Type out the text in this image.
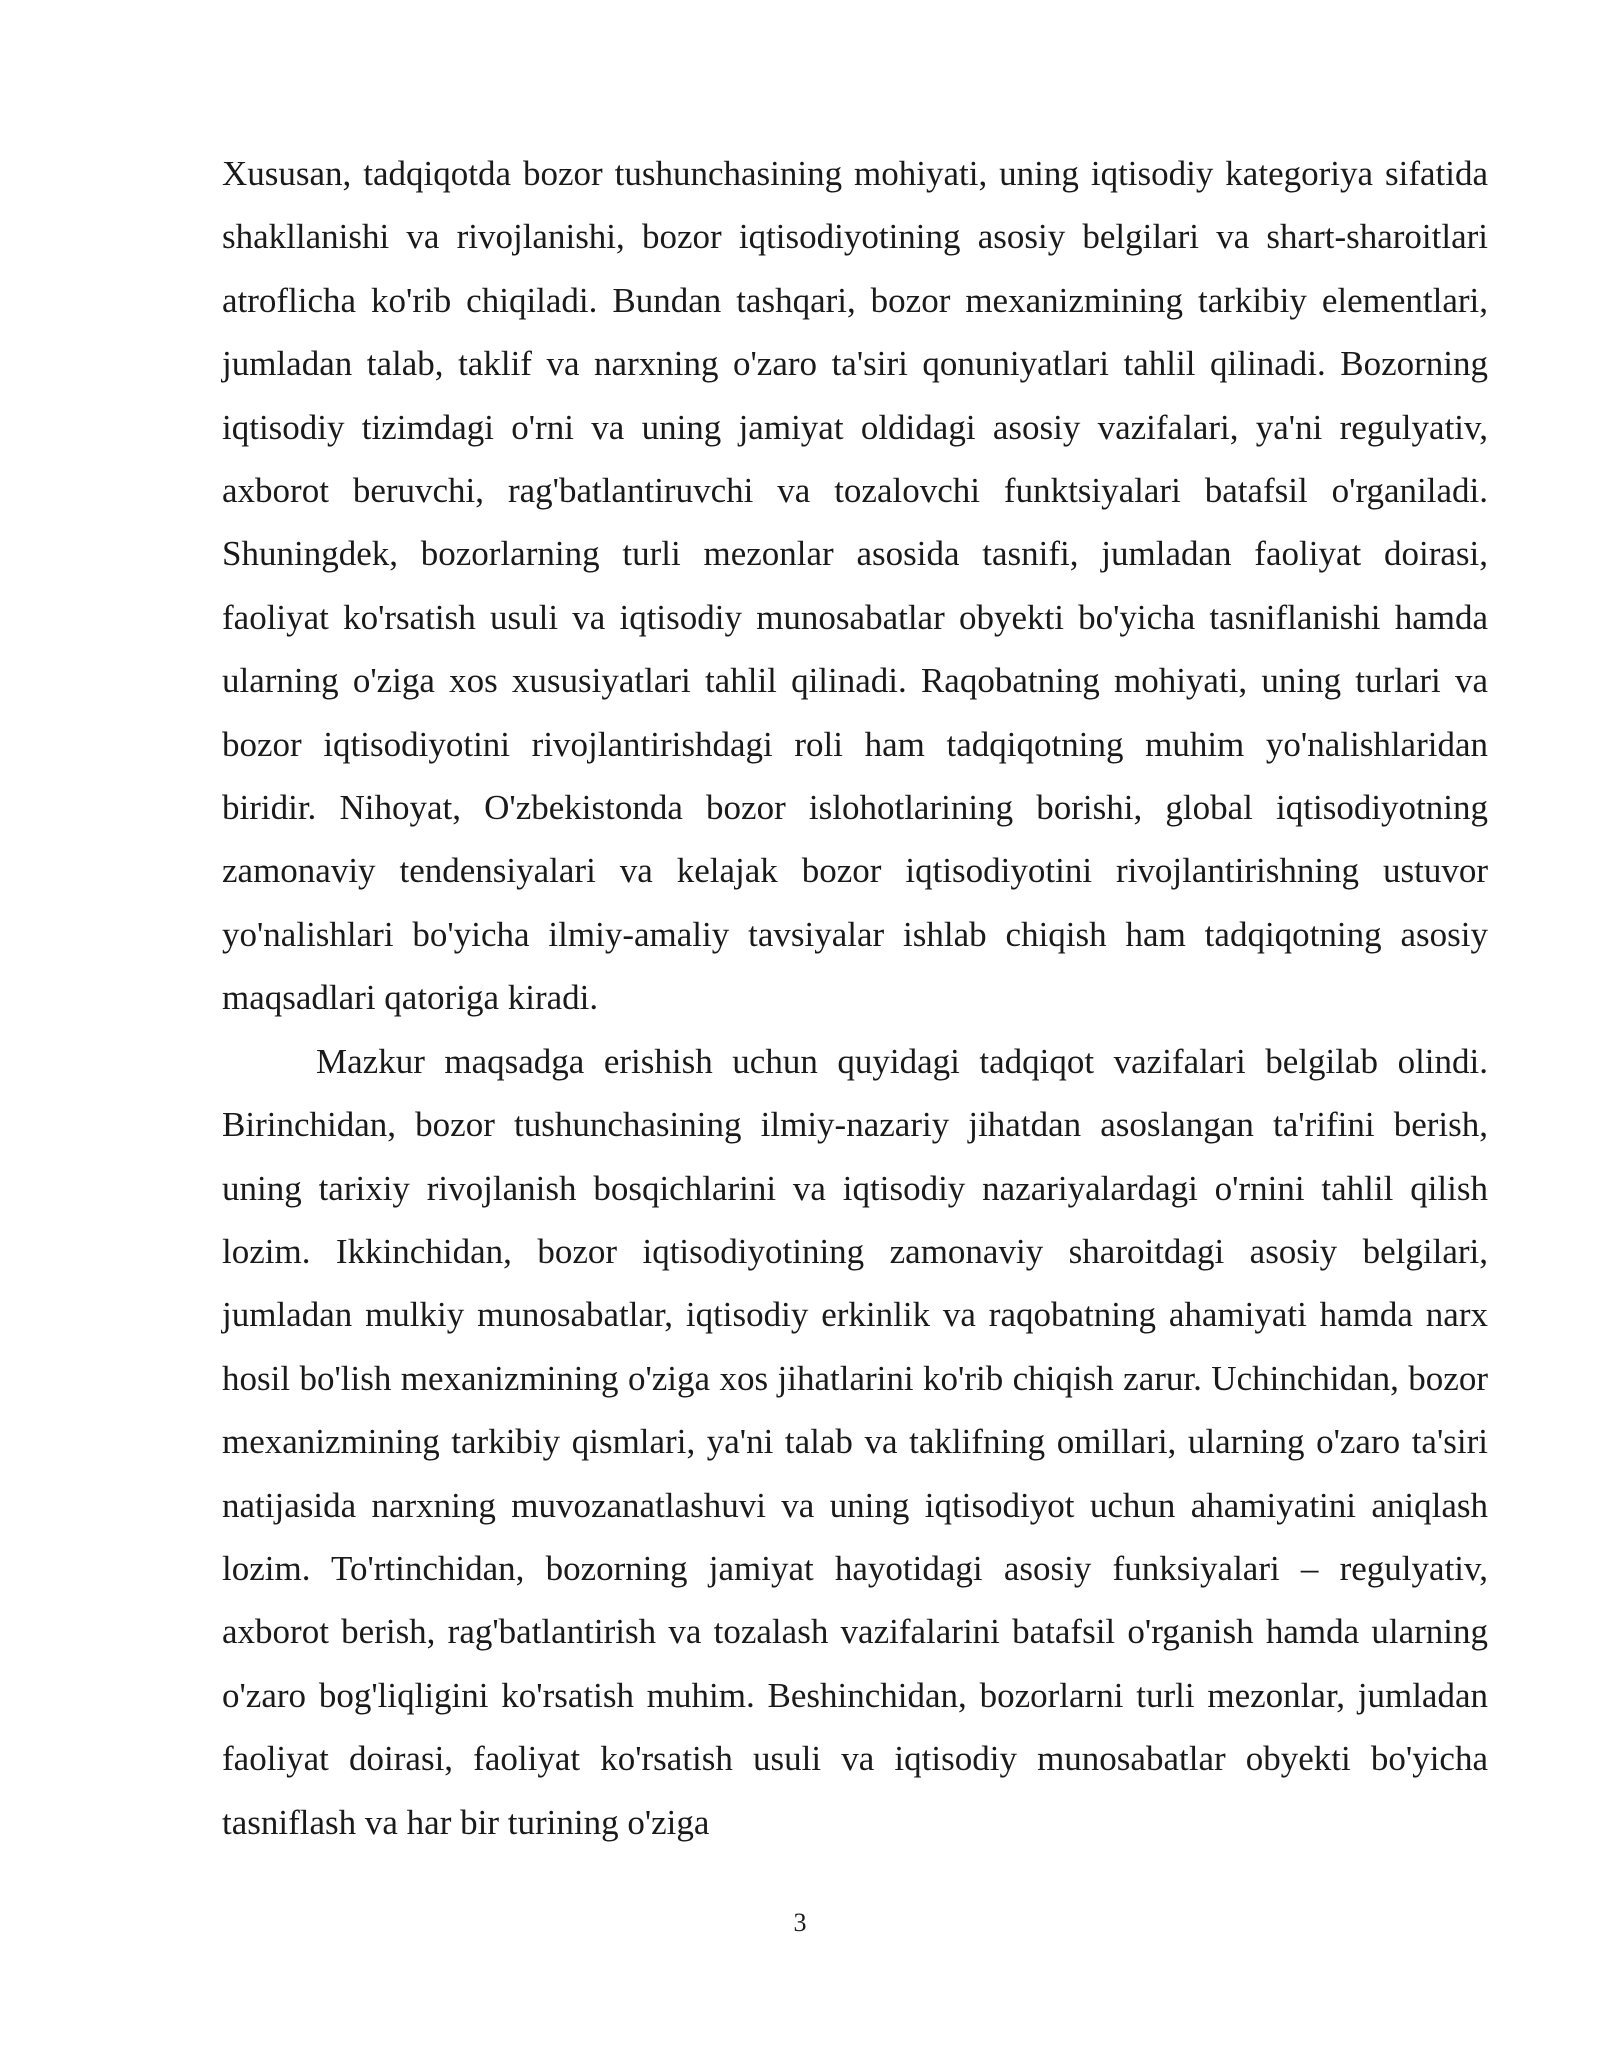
Xususan, tadqiqotda bozor tushunchasining mohiyati, uning iqtisodiy kategoriya sifatida shakllanishi va rivojlanishi, bozor iqtisodiyotining asosiy belgilari va shart-sharoitlari atroflicha ko'rib chiqiladi. Bundan tashqari, bozor mexanizmining tarkibiy elementlari, jumladan talab, taklif va narxning o'zaro ta'siri qonuniyatlari tahlil qilinadi. Bozorning iqtisodiy tizimdagi o'rni va uning jamiyat oldidagi asosiy vazifalari, ya'ni regulyativ, axborot beruvchi, rag'batlantiruvchi va tozalovchi funktsiyalari batafsil o'rganiladi. Shuningdek, bozorlarning turli mezonlar asosida tasnifi, jumladan faoliyat doirasi, faoliyat ko'rsatish usuli va iqtisodiy munosabatlar obyekti bo'yicha tasniflanishi hamda ularning o'ziga xos xususiyatlari tahlil qilinadi. Raqobatning mohiyati, uning turlari va bozor iqtisodiyotini rivojlantirishdagi roli ham tadqiqotning muhim yo'nalishlaridan biridir. Nihoyat, O'zbekistonda bozor islohotlarining borishi, global iqtisodiyotning zamonaviy tendensiyalari va kelajak bozor iqtisodiyotini rivojlantirishning ustuvor yo'nalishlari bo'yicha ilmiy-amaliy tavsiyalar ishlab chiqish ham tadqiqotning asosiy maqsadlari qatoriga kiradi.

Mazkur maqsadga erishish uchun quyidagi tadqiqot vazifalari belgilab olindi. Birinchidan, bozor tushunchasining ilmiy-nazariy jihatdan asoslangan ta'rifini berish, uning tarixiy rivojlanish bosqichlarini va iqtisodiy nazariyalardagi o'rnini tahlil qilish lozim. Ikkinchidan, bozor iqtisodiyotining zamonaviy sharoitdagi asosiy belgilari, jumladan mulkiy munosabatlar, iqtisodiy erkinlik va raqobatning ahamiyati hamda narx hosil bo'lish mexanizmining o'ziga xos jihatlarini ko'rib chiqish zarur. Uchinchidan, bozor mexanizmining tarkibiy qismlari, ya'ni talab va taklifning omillari, ularning o'zaro ta'siri natijasida narxning muvozanatlashuvi va uning iqtisodiyot uchun ahamiyatini aniqlash lozim. To'rtinchidan, bozorning jamiyat hayotidagi asosiy funksiyalari – regulyativ, axborot berish, rag'batlantirish va tozalash vazifalarini batafsil o'rganish hamda ularning o'zaro bog'liqligini ko'rsatish muhim. Beshinchidan, bozorlarni turli mezonlar, jumladan faoliyat doirasi, faoliyat ko'rsatish usuli va iqtisodiy munosabatlar obyekti bo'yicha tasniflash va har bir turining o'ziga

3
